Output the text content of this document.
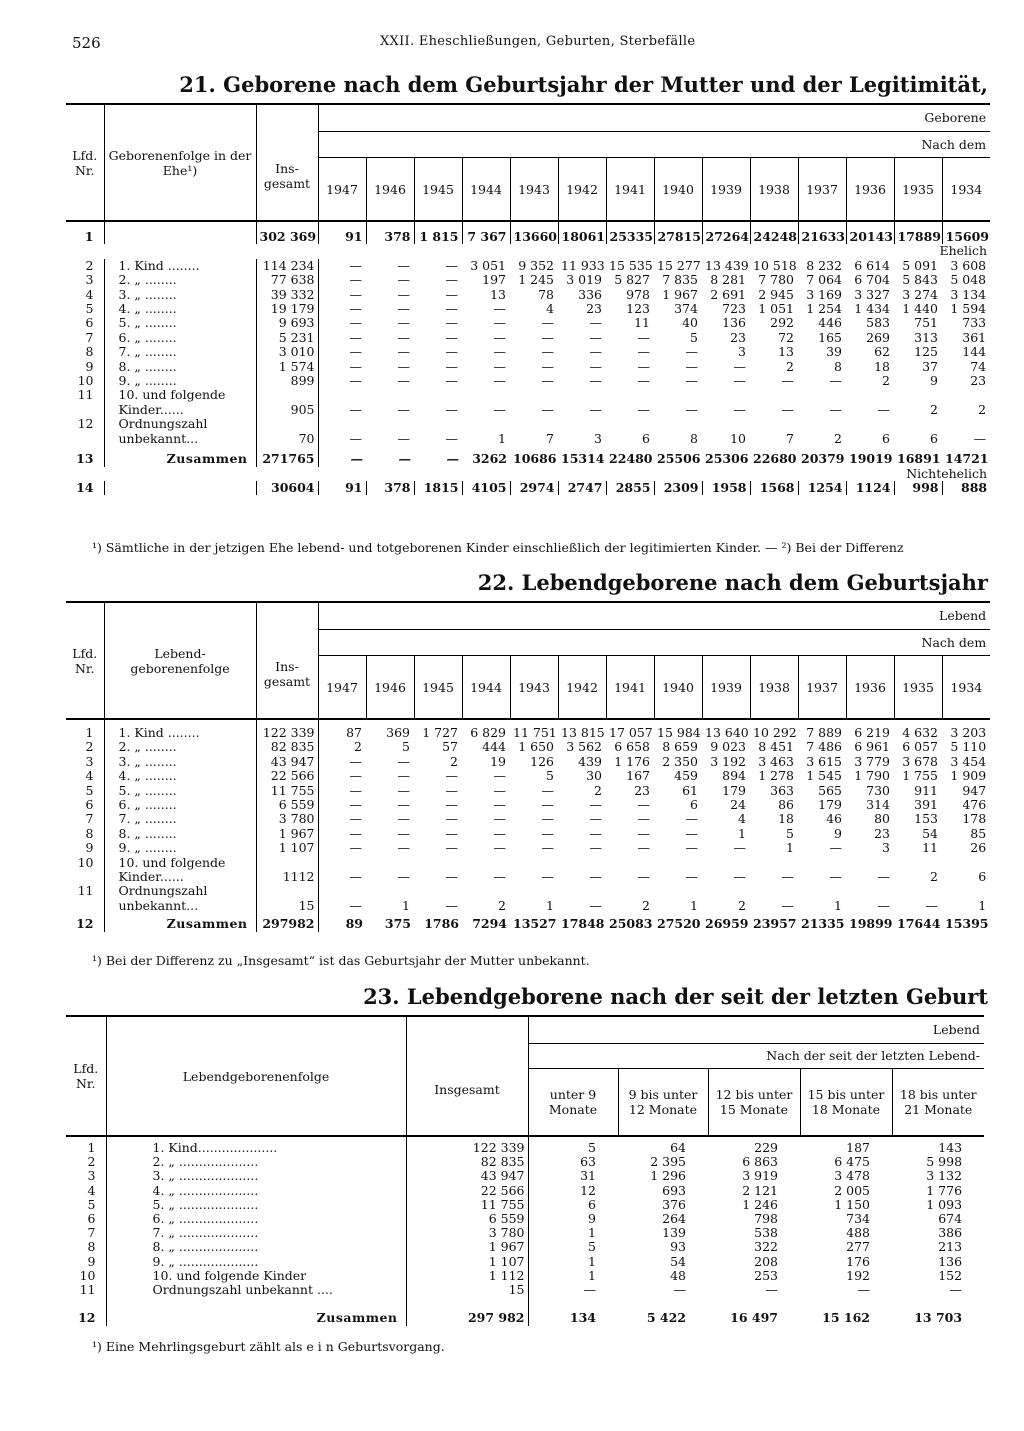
526	XXII. Eheschließungen, Geburten, Sterbefälle
21. Geborene nach dem Geburtsjahr der Mutter und der Legitimität,
Lfd. Nr.	Geborenenfolge in der Ehe¹)		Geborene													
		Ins- gesamt	Nach dem													
			1947	1946	1945	1944	1943	1942	1941	1940	1939	1938	1937	1936	1935	1934
1		302 369	91	378	1 815	7 367	13660	18061	25335	27815	27264	24248	21633	20143	17889	15609
Ehelich																
2	1. Kind ........	114 234	—	—	—	3 051	9 352	11 933	15 535	15 277	13 439	10 518	8 232	6 614	5 091	3 608
3	2. „ ........	77 638	—	—	—	197	1 245	3 019	5 827	7 835	8 281	7 780	7 064	6 704	5 843	5 048
4	3. „ ........	39 332	—	—	—	13	78	336	978	1 967	2 691	2 945	3 169	3 327	3 274	3 134
5	4. „ ........	19 179	—	—	—	—	4	23	123	374	723	1 051	1 254	1 434	1 440	1 594
6	5. „ ........	9 693	—	—	—	—	—	—	11	40	136	292	446	583	751	733
7	6. „ ........	5 231	—	—	—	—	—	—	—	5	23	72	165	269	313	361
8	7. „ ........	3 010	—	—	—	—	—	—	—	—	3	13	39	62	125	144
9	8. „ ........	1 574	—	—	—	—	—	—	—	—	—	2	8	18	37	74
10	9. „ ........	899	—	—	—	—	—	—	—	—	—	—	—	2	9	23
11	10. und folgende															
	Kinder......	905	—	—	—	—	—	—	—	—	—	—	—	—	2	2
12	Ordnungszahl															
	unbekannt...	70	—	—	—	1	7	3	6	8	10	7	2	6	6	—
13	Zusammen	271765	—	—	—	3262	10686	15314	22480	25506	25306	22680	20379	19019	16891	14721
Nichtehelich																
14		30604	91	378	1815	4105	2974	2747	2855	2309	1958	1568	1254	1124	998	888
¹) Sämtliche in der jetzigen Ehe lebend- und totgeborenen Kinder einschließlich der legitimierten Kinder. — ²) Bei der Differenz
22. Lebendgeborene nach dem Geburtsjahr
Lfd. Nr.	Lebend- geborenenfolge		Lebend													
		Ins- gesamt	Nach dem													
			1947	1946	1945	1944	1943	1942	1941	1940	1939	1938	1937	1936	1935	1934
1	1. Kind ........	122 339	87	369	1 727	6 829	11 751	13 815	17 057	15 984	13 640	10 292	7 889	6 219	4 632	3 203
2	2. „ ........	82 835	2	5	57	444	1 650	3 562	6 658	8 659	9 023	8 451	7 486	6 961	6 057	5 110
3	3. „ ........	43 947	—	—	2	19	126	439	1 176	2 350	3 192	3 463	3 615	3 779	3 678	3 454
4	4. „ ........	22 566	—	—	—	—	5	30	167	459	894	1 278	1 545	1 790	1 755	1 909
5	5. „ ........	11 755	—	—	—	—	—	2	23	61	179	363	565	730	911	947
6	6. „ ........	6 559	—	—	—	—	—	—	—	6	24	86	179	314	391	476
7	7. „ ........	3 780	—	—	—	—	—	—	—	—	4	18	46	80	153	178
8	8. „ ........	1 967	—	—	—	—	—	—	—	—	1	5	9	23	54	85
9	9. „ ........	1 107	—	—	—	—	—	—	—	—	—	1	—	3	11	26
10	10. und folgende															
	Kinder......	1112	—	—	—	—	—	—	—	—	—	—	—	—	2	6
11	Ordnungszahl															
	unbekannt...	15	—	1	—	2	1	—	2	1	2	—	1	—	—	1
12	Zusammen	297982	89	375	1786	7294	13527	17848	25083	27520	26959	23957	21335	19899	17644	15395
¹) Bei der Differenz zu „Insgesamt“ ist das Geburtsjahr der Mutter unbekannt.
23. Lebendgeborene nach der seit der letzten Geburt
Lfd. Nr.	Lebendgeborenenfolge		Lebend				
		Insgesamt	Nach der seit der letzten Lebend-				
			unter 9 Monate	9 bis unter 12 Monate	12 bis unter 15 Monate	15 bis unter 18 Monate	18 bis unter 21 Monate
1	1. Kind....................	122 339	5	64	229	187	143
2	2. „ ....................	82 835	63	2 395	6 863	6 475	5 998
3	3. „ ....................	43 947	31	1 296	3 919	3 478	3 132
4	4. „ ....................	22 566	12	693	2 121	2 005	1 776
5	5. „ ....................	11 755	6	376	1 246	1 150	1 093
6	6. „ ....................	6 559	9	264	798	734	674
7	7. „ ....................	3 780	1	139	538	488	386
8	8. „ ....................	1 967	5	93	322	277	213
9	9. „ ....................	1 107	1	54	208	176	136
10	10. und folgende Kinder	1 112	1	48	253	192	152
11	Ordnungszahl unbekannt ....	15	—	—	—	—	—
12	Zusammen	297 982	134	5 422	16 497	15 162	13 703
¹) Eine Mehrlingsgeburt zählt als e i n Geburtsvorgang.
